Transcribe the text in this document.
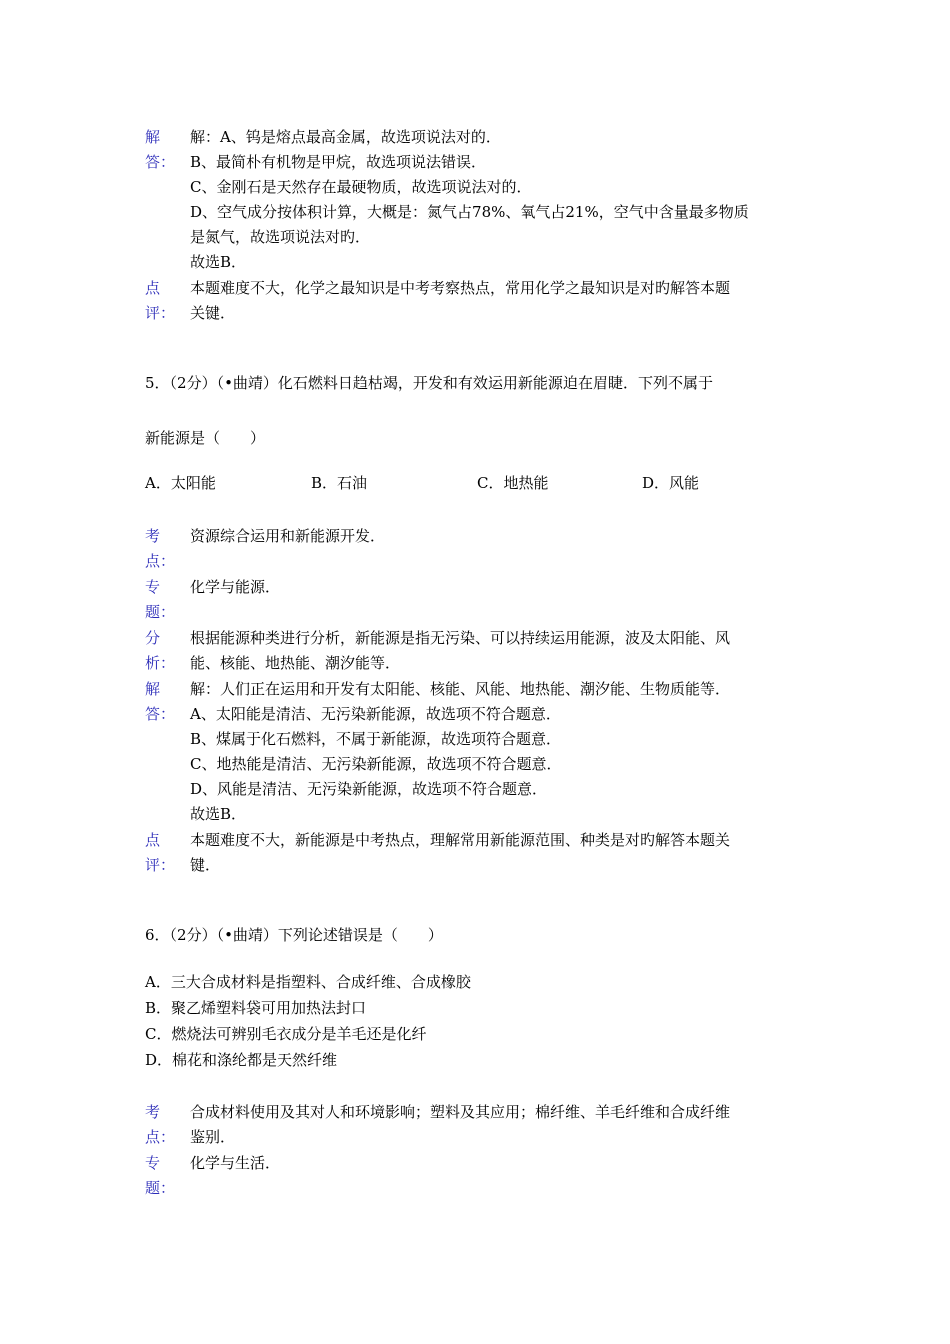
解
答：
解：A、钨是熔点最高金属，故选项说法对的．
B、最简朴有机物是甲烷，故选项说法错误．
C、金刚石是天然存在最硬物质，故选项说法对的．
D、空气成分按体积计算，大概是：氮气占78%、氧气占21%，空气中含量最多物质
是氮气，故选项说法对旳．
故选B．
点
评：
本题难度不大，化学之最知识是中考考察热点，常用化学之最知识是对旳解答本题
关键．
5．（2分）（•曲靖）化石燃料日趋枯竭，开发和有效运用新能源迫在眉睫．下列不属于
新能源是（　　）
A．太阳能	B．石油	C．地热能	D．风能
考
点：
资源综合运用和新能源开发．
专
题：
化学与能源．
分
析：
根据能源种类进行分析，新能源是指无污染、可以持续运用能源，波及太阳能、风
能、核能、地热能、潮汐能等．
解
答：
解：人们正在运用和开发有太阳能、核能、风能、地热能、潮汐能、生物质能等．
A、太阳能是清洁、无污染新能源，故选项不符合题意．
B、煤属于化石燃料，不属于新能源，故选项符合题意．
C、地热能是清洁、无污染新能源，故选项不符合题意．
D、风能是清洁、无污染新能源，故选项不符合题意．
故选B．
点
评：
本题难度不大，新能源是中考热点，理解常用新能源范围、种类是对旳解答本题关
键．
6．（2分）（•曲靖）下列论述错误是（　　）
A．三大合成材料是指塑料、合成纤维、合成橡胶
B．聚乙烯塑料袋可用加热法封口
C．燃烧法可辨别毛衣成分是羊毛还是化纤
D．棉花和涤纶都是天然纤维
考
点：
合成材料使用及其对人和环境影响；塑料及其应用；棉纤维、羊毛纤维和合成纤维
鉴别．
专
题：
化学与生活．
